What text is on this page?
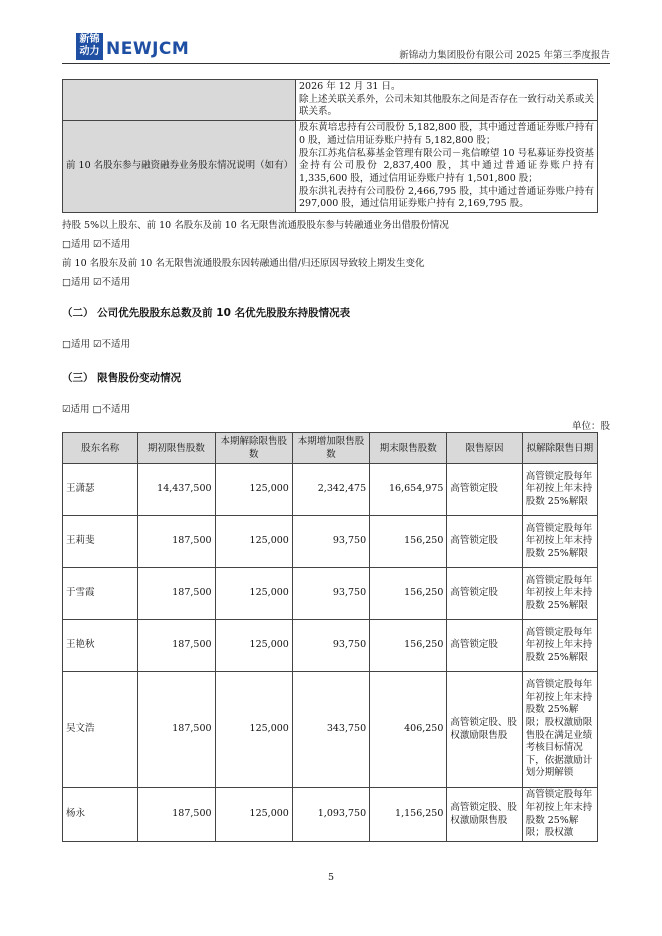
新锦动力 NEWJCM	新锦动力集团股份有限公司 2025 年第三季度报告
	2026 年 12 月 31 日。
除上述关联关系外，公司未知其他股东之间是否存在一致行动关系或关联关系。
前 10 名股东参与融资融券业务股东情况说明（如有）	股东黄培忠持有公司股份 5,182,800 股，其中通过普通证券账户持有 0 股，通过信用证券账户持有 5,182,800 股；
股东江苏兆信私募基金管理有限公司－兆信暸望 10 号私募证券投资基金持有公司股份 2,837,400 股，其中通过普通证券账户持有 1,335,600 股，通过信用证券账户持有 1,501,800 股；
股东洪礼表持有公司股份 2,466,795 股，其中通过普通证券账户持有 297,000 股，通过信用证券账户持有 2,169,795 股。
持股 5%以上股东、前 10 名股东及前 10 名无限售流通股股东参与转融通业务出借股份情况
□适用 ☑不适用
前 10 名股东及前 10 名无限售流通股股东因转融通出借/归还原因导致较上期发生变化
□适用 ☑不适用
（二） 公司优先股股东总数及前 10 名优先股股东持股情况表
□适用 ☑不适用
（三） 限售股份变动情况
☑适用 □不适用
单位：股
股东名称	期初限售股数	本期解除限售股数	本期增加限售股数	期末限售股数	限售原因	拟解除限售日期
王潇瑟	14,437,500	125,000	2,342,475	16,654,975	高管锁定股	高管锁定股每年年初按上年末持股数 25%解限
王莉斐	187,500	125,000	93,750	156,250	高管锁定股	高管锁定股每年年初按上年末持股数 25%解限
于雪霞	187,500	125,000	93,750	156,250	高管锁定股	高管锁定股每年年初按上年末持股数 25%解限
王艳秋	187,500	125,000	93,750	156,250	高管锁定股	高管锁定股每年年初按上年末持股数 25%解限
吴文浩	187,500	125,000	343,750	406,250	高管锁定股、股权激励限售股	高管锁定股每年年初按上年末持股数 25%解限；股权激励限售股在满足业绩考核目标情况下，依据激励计划分期解锁
杨永	187,500	125,000	1,093,750	1,156,250	高管锁定股、股权激励限售股	高管锁定股每年年初按上年末持股数 25%解限；股权激
5
